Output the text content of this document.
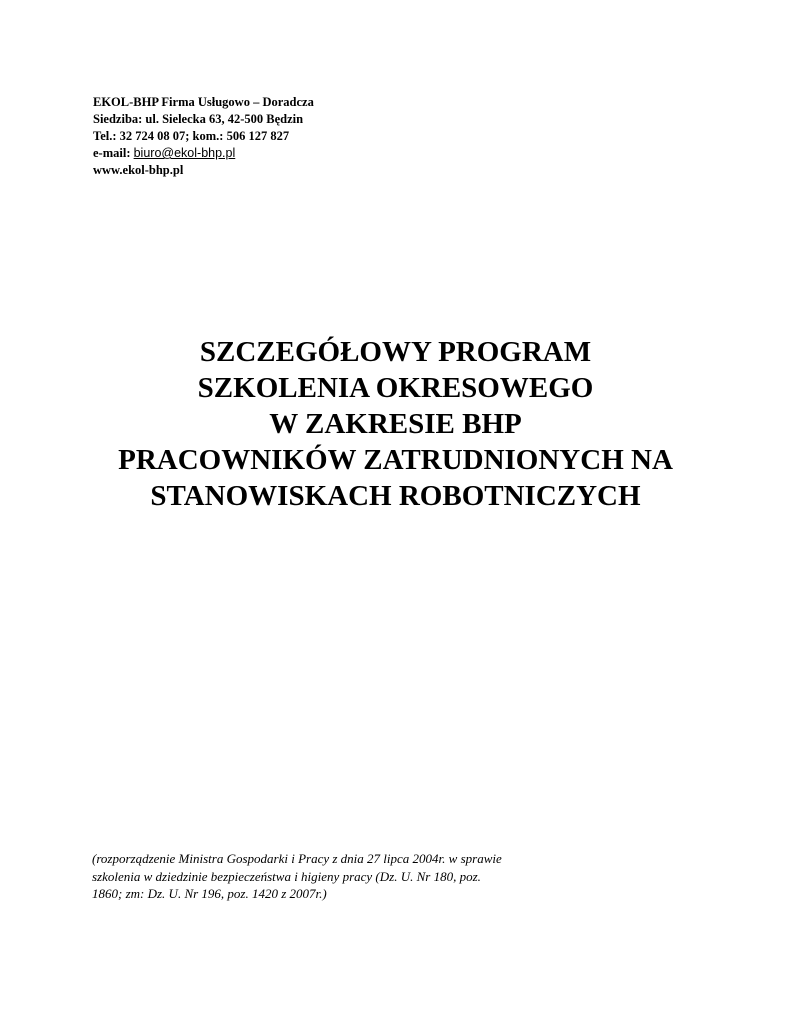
EKOL-BHP Firma Usługowo – Doradcza
Siedziba: ul. Sielecka 63, 42-500 Będzin
Tel.: 32 724 08 07; kom.: 506 127 827
e-mail: biuro@ekol-bhp.pl
www.ekol-bhp.pl
SZCZEGÓŁOWY PROGRAM
SZKOLENIA OKRESOWEGO
W ZAKRESIE BHP
PRACOWNIKÓW ZATRUDNIONYCH NA
STANOWISKACH ROBOTNICZYCH
(rozporządzenie Ministra Gospodarki i Pracy z dnia 27 lipca 2004r. w sprawie
szkolenia w dziedzinie bezpieczeństwa i higieny pracy (Dz. U. Nr 180, poz.
1860; zm: Dz. U. Nr 196, poz. 1420 z 2007r.)
